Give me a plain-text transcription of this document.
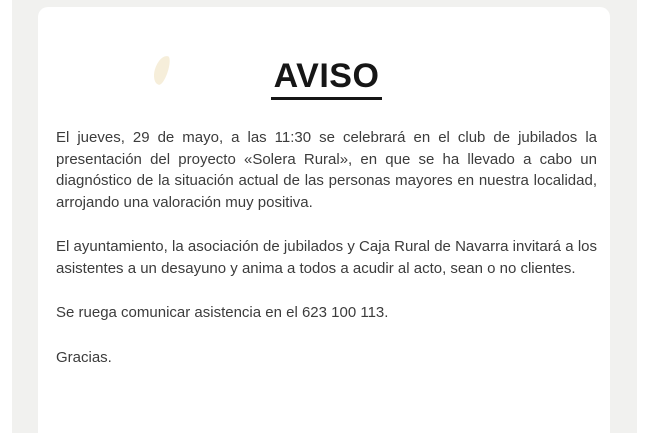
AVISO

El jueves, 29 de mayo, a las 11:30 se celebrará en el club de jubilados la presentación del proyecto «Solera Rural», en que se ha llevado a cabo un diagnóstico de la situación actual de las personas mayores en nuestra localidad, arrojando una valoración muy positiva.

El ayuntamiento, la asociación de jubilados y Caja Rural de Navarra invitará a los asistentes a un desayuno y anima a todos a acudir al acto, sean o no clientes.

Se ruega comunicar asistencia en el 623 100 113.

Gracias.
